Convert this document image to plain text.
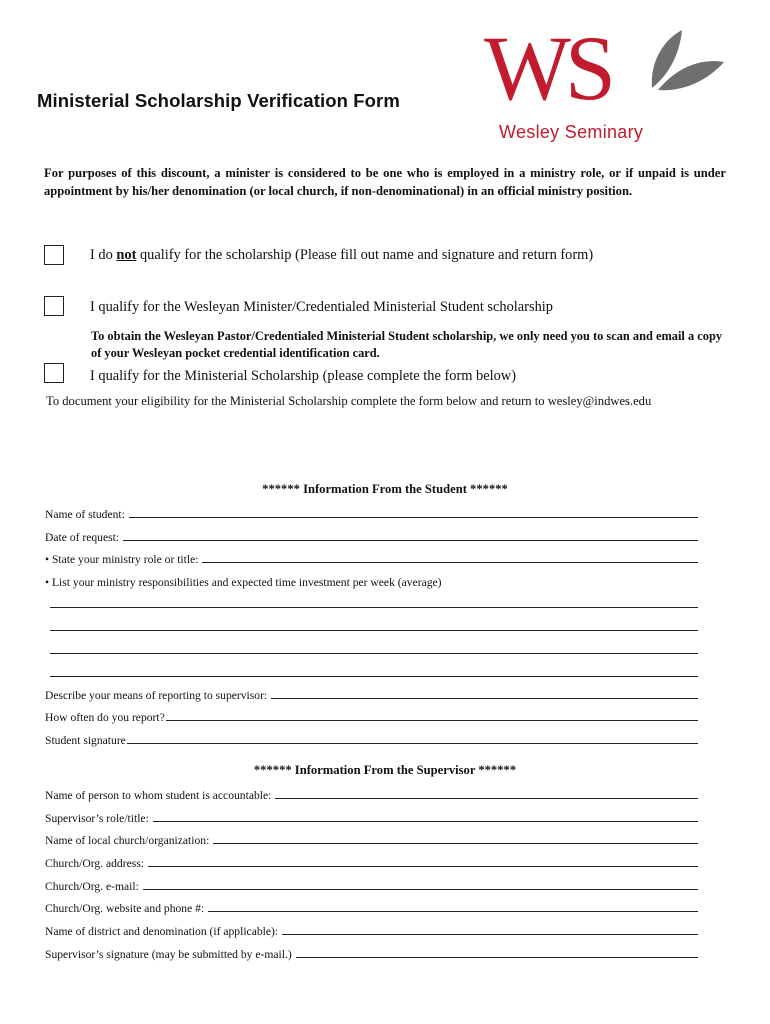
Ministerial Scholarship Verification Form WS
Wesley Seminary
For purposes of this discount, a minister is considered to be one who is employed in a ministry role, or if unpaid is under appointment by his/her denomination (or local church, if non-denominational) in an official ministry position.
I do not qualify for the scholarship (Please fill out name and signature and return form)
I qualify for the Wesleyan Minister/Credentialed Ministerial Student scholarship
To obtain the Wesleyan Pastor/Credentialed Ministerial Student scholarship, we only need you to scan and email a copy of your Wesleyan pocket credential identification card.
I qualify for the Ministerial Scholarship (please complete the form below)
To document your eligibility for the Ministerial Scholarship complete the form below and return to wesley@indwes.edu
****** Information From the Student ******
Name of student:
Date of request:
• State your ministry role or title:
• List your ministry responsibilities and expected time investment per week (average)
Describe your means of reporting to supervisor:
How often do you report?
Student signature
****** Information From the Supervisor ******
Name of person to whom student is accountable:
Supervisor’s role/title:
Name of local church/organization:
Church/Org. address:
Church/Org. e-mail:
Church/Org. website and phone #:
Name of district and denomination (if applicable):
Supervisor’s signature (may be submitted by e-mail.)
